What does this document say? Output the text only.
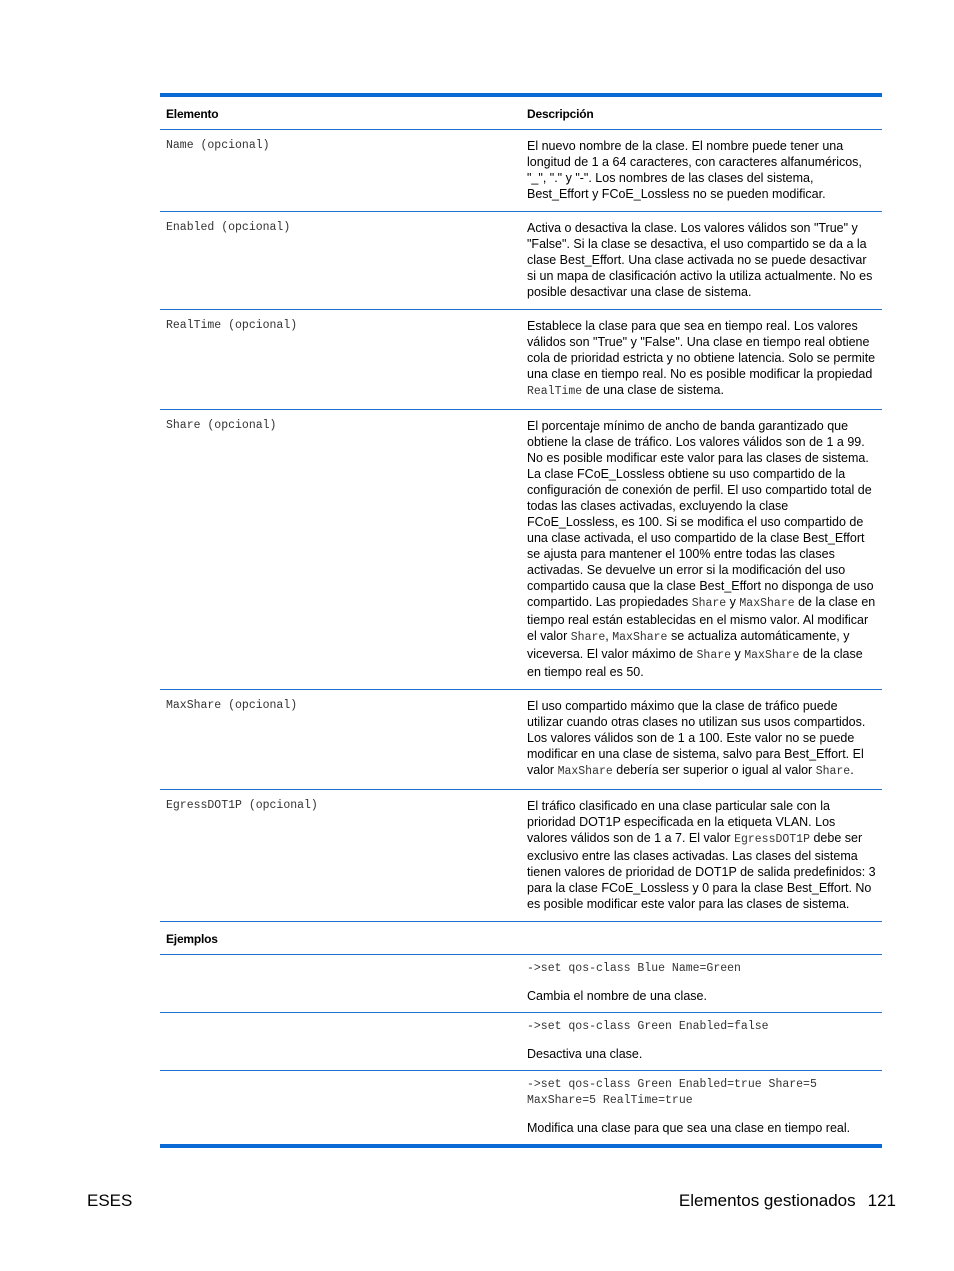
Elemento	Descripción
Name (opcional)	El nuevo nombre de la clase. El nombre puede tener una longitud de 1 a 64 caracteres, con caracteres alfanuméricos, "_", "." y "-". Los nombres de las clases del sistema, Best_Effort y FCoE_Lossless no se pueden modificar.
Enabled (opcional)	Activa o desactiva la clase. Los valores válidos son "True" y "False". Si la clase se desactiva, el uso compartido se da a la clase Best_Effort. Una clase activada no se puede desactivar si un mapa de clasificación activo la utiliza actualmente. No es posible desactivar una clase de sistema.
RealTime (opcional)	Establece la clase para que sea en tiempo real. Los valores válidos son "True" y "False". Una clase en tiempo real obtiene cola de prioridad estricta y no obtiene latencia. Solo se permite una clase en tiempo real. No es posible modificar la propiedad RealTime de una clase de sistema.
Share (opcional)	El porcentaje mínimo de ancho de banda garantizado que obtiene la clase de tráfico. Los valores válidos son de 1 a 99. No es posible modificar este valor para las clases de sistema. La clase FCoE_Lossless obtiene su uso compartido de la configuración de conexión de perfil. El uso compartido total de todas las clases activadas, excluyendo la clase FCoE_Lossless, es 100. Si se modifica el uso compartido de una clase activada, el uso compartido de la clase Best_Effort se ajusta para mantener el 100% entre todas las clases activadas. Se devuelve un error si la modificación del uso compartido causa que la clase Best_Effort no disponga de uso compartido. Las propiedades Share y MaxShare de la clase en tiempo real están establecidas en el mismo valor. Al modificar el valor Share, MaxShare se actualiza automáticamente, y viceversa. El valor máximo de Share y MaxShare de la clase en tiempo real es 50.
MaxShare (opcional)	El uso compartido máximo que la clase de tráfico puede utilizar cuando otras clases no utilizan sus usos compartidos. Los valores válidos son de 1 a 100. Este valor no se puede modificar en una clase de sistema, salvo para Best_Effort. El valor MaxShare debería ser superior o igual al valor Share.
EgressDOT1P (opcional)	El tráfico clasificado en una clase particular sale con la prioridad DOT1P especificada en la etiqueta VLAN. Los valores válidos son de 1 a 7. El valor EgressDOT1P debe ser exclusivo entre las clases activadas. Las clases del sistema tienen valores de prioridad de DOT1P de salida predefinidos: 3 para la clase FCoE_Lossless y 0 para la clase Best_Effort. No es posible modificar este valor para las clases de sistema.
Ejemplos
->set qos-class Blue Name=Green
Cambia el nombre de una clase.
->set qos-class Green Enabled=false
Desactiva una clase.
->set qos-class Green Enabled=true Share=5 MaxShare=5 RealTime=true
Modifica una clase para que sea una clase en tiempo real.
ESES	Elementos gestionados 121
